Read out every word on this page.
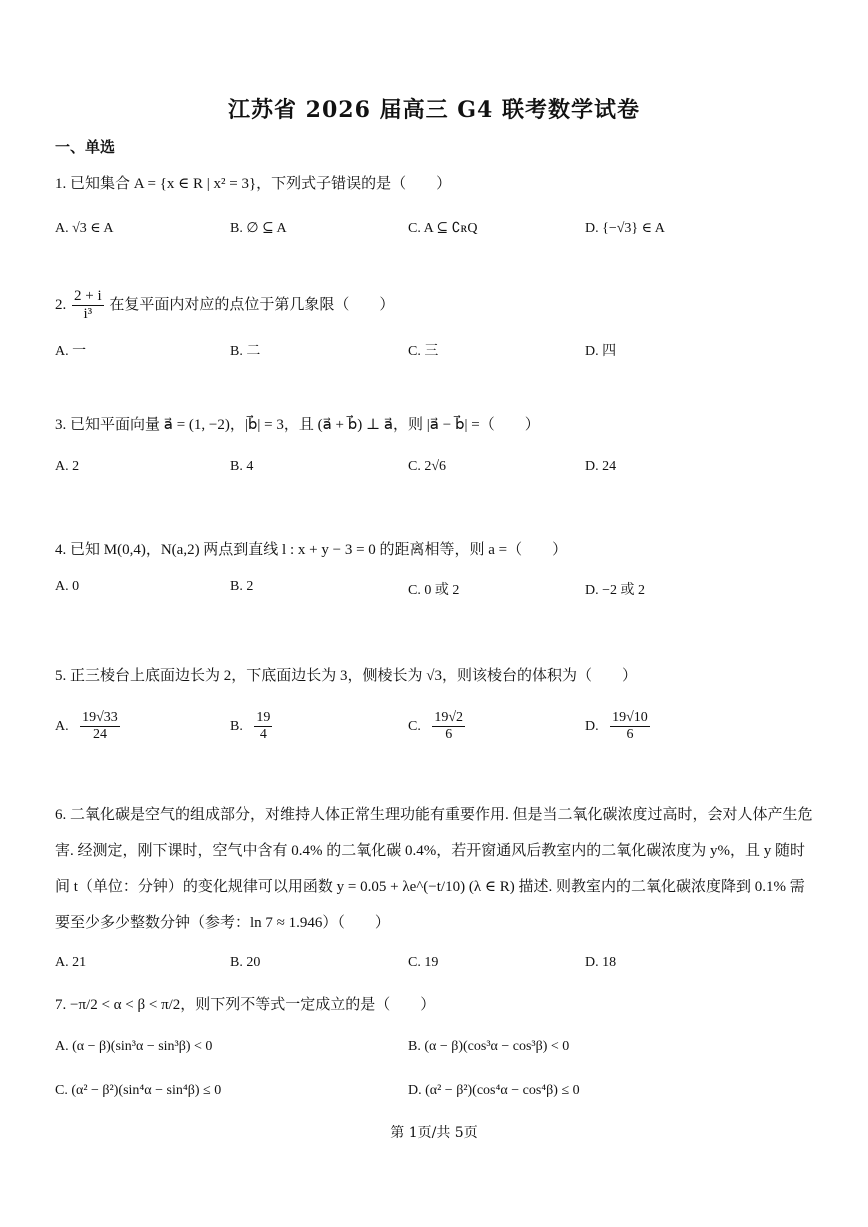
江苏省 2026 届高三 G4 联考数学试卷
一、单选
1. 已知集合 A = {x ∈ R | x² = 3}，下列式子错误的是（　　）
A. √3 ∈ A	B. ∅ ⊆ A	C. A ⊆ ∁ʀQ	D. {−√3} ∈ A
2. $\frac{2 + i}{\text{i³}}$ 在复平面内对应的点位于第几象限（　　）
A. 一	B. 二	C. 三	D. 四
3. 已知平面向量 a⃗ = (1, −2)，|b⃗| = 3，且 (a⃗ + b⃗) ⊥ a⃗，则 |a⃗ − b⃗| =（　　）
A. 2	B. 4	C. 2√6	D. 24
4. 已知 M(0,4)，N(a,2) 两点到直线 l : x + y − 3 = 0 的距离相等，则 a =（　　）
A. 0	B. 2	C. 0 或 2	D. −2 或 2
5. 正三棱台上底面边长为 2，下底面边长为 3，侧棱长为 √3，则该棱台的体积为（　　）
A. $\frac{19√33}{24}$	B. $\frac{19}{4}$	C. $\frac{19√2}{6}$	D. $\frac{19√10}{6}$
6. 二氧化碳是空气的组成部分，对维持人体正常生理功能有重要作用. 但是当二氧化碳浓度过高时，会对人体产生危害. 经测定，刚下课时，空气中含有 0.4% 的二氧化碳 0.4%，若开窗通风后教室内的二氧化碳浓度为 y%，且 y 随时间 t（单位：分钟）的变化规律可以用函数 y = 0.05 + λe^(−t/10) (λ ∈ R) 描述. 则教室内的二氧化碳浓度降到 0.1% 需要至少多少整数分钟（参考：ln 7 ≈ 1.946）（　　）
A. 21	B. 20	C. 19	D. 18
7. −π/2 < α < β < π/2，则下列不等式一定成立的是（　　）
A. (α − β)(sin³α − sin³β) < 0	B. (α − β)(cos³α − cos³β) < 0
C. (α² − β²)(sin⁴α − sin⁴β) ≤ 0	D. (α² − β²)(cos⁴α − cos⁴β) ≤ 0
第 1页/共 5页
